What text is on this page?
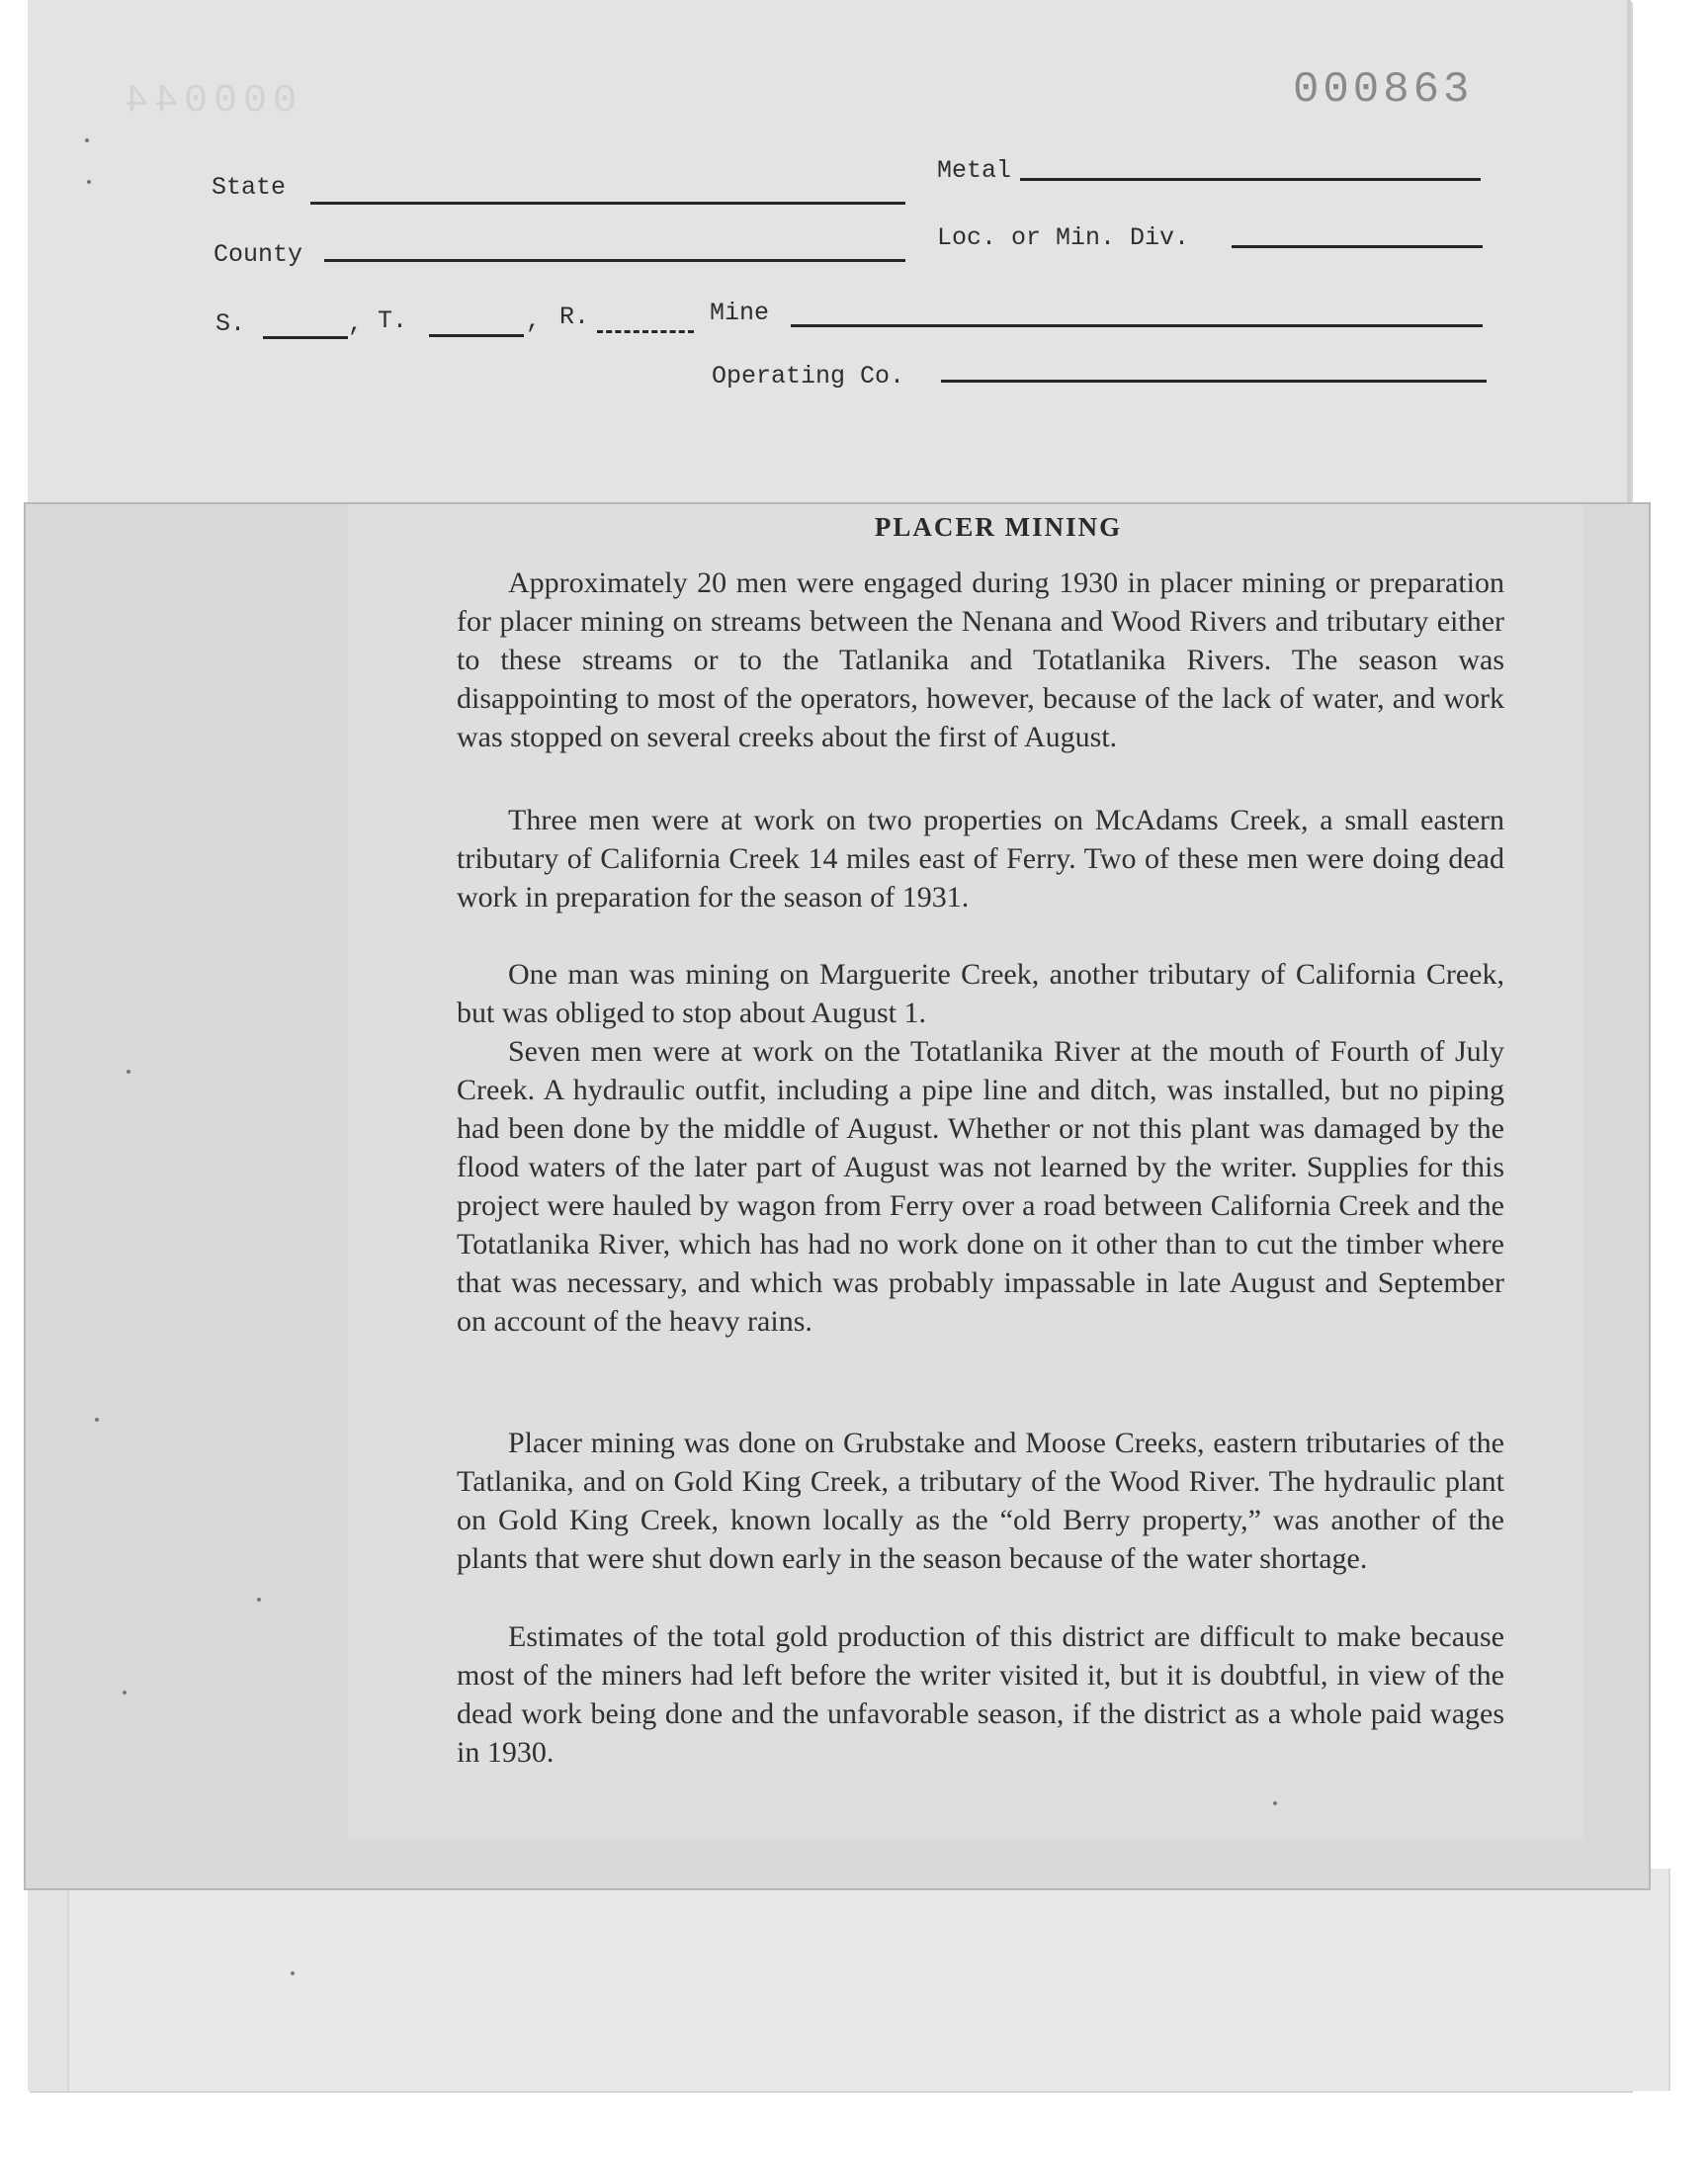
000044	000863
State
Metal
County
Loc. or Min. Div.
S.	, T.	, R.	Mine
Operating Co.
PLACER MINING

Approximately 20 men were engaged during 1930 in placer mining or preparation for placer mining on streams between the Nenana and Wood Rivers and tributary either to these streams or to the Tatlanika and Totatlanika Rivers. The season was disappointing to most of the operators, however, because of the lack of water, and work was stopped on several creeks about the first of August.

Three men were at work on two properties on McAdams Creek, a small eastern tributary of California Creek 14 miles east of Ferry. Two of these men were doing dead work in preparation for the season of 1931.

One man was mining on Marguerite Creek, another tributary of California Creek, but was obliged to stop about August 1.

Seven men were at work on the Totatlanika River at the mouth of Fourth of July Creek. A hydraulic outfit, including a pipe line and ditch, was installed, but no piping had been done by the middle of August. Whether or not this plant was damaged by the flood waters of the later part of August was not learned by the writer. Supplies for this project were hauled by wagon from Ferry over a road between California Creek and the Totatlanika River, which has had no work done on it other than to cut the timber where that was necessary, and which was probably impassable in late August and September on account of the heavy rains.

Placer mining was done on Grubstake and Moose Creeks, eastern tributaries of the Tatlanika, and on Gold King Creek, a tributary of the Wood River. The hydraulic plant on Gold King Creek, known locally as the “old Berry property,” was another of the plants that were shut down early in the season because of the water shortage.

Estimates of the total gold production of this district are difficult to make because most of the miners had left before the writer visited it, but it is doubtful, in view of the dead work being done and the unfavorable season, if the district as a whole paid wages in 1930.
